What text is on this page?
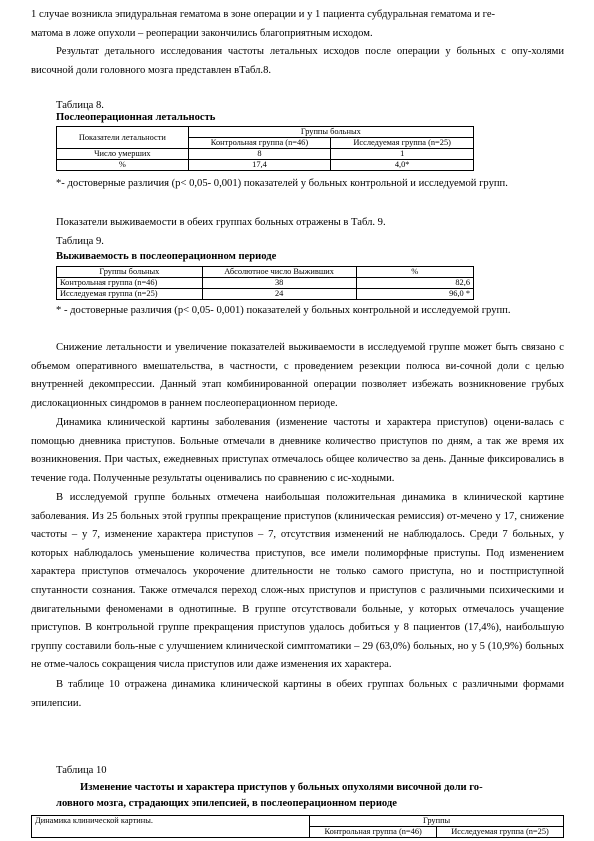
1 случае возникла эпидуральная гематома в зоне операции и у 1 пациента субдуральная гематома и ге-
матома в ложе опухоли – реоперации закончились благоприятным исходом.

Результат детального исследования частоты летальных исходов после операции у больных с опу-холями височной доли головного мозга представлен вТабл.8.

Таблица 8.
Послеоперационная летальность
Показатели летальности	Группы больных	
	Контрольная группа (n=46)	Исследуемая группа (n=25)
Число умерших	8	1
%	17,4	4,0*

*- достоверные различия (p< 0,05- 0,001) показателей у больных контрольной и исследуемой групп.

Показатели выживаемости в обеих группах больных отражены в Табл. 9.

Таблица 9.
Выживаемость в послеоперационном периоде
Группы больных	Абсолютное число Выживших	%
Контрольная группа (n=46)	38	82,6
Исследуемая группа (n=25)	24	96,0 *

* - достоверные различия (p< 0,05- 0,001) показателей у больных контрольной и исследуемой групп.

Снижение летальности и увеличение показателей выживаемости в исследуемой группе может быть связано с объемом оперативного вмешательства, в частности, с проведением резекции полюса ви-сочной доли с целью внутренней декомпрессии. Данный этап комбинированной операции позволяет избежать возникновение грубых дислокационных синдромов в раннем послеоперационном периоде.

Динамика клинической картины заболевания (изменение частоты и характера приступов) оцени-валась с помощью дневника приступов. Больные отмечали в дневнике количество приступов по дням, а так же время их возникновения. При частых, ежедневных приступах отмечалось общее количество за день. Данные фиксировались в течение года. Полученные результаты оценивались по сравнению с ис-ходными.

В исследуемой группе больных отмечена наибольшая положительная динамика в клинической картине заболевания. Из 25 больных этой группы прекращение приступов (клиническая ремиссия) от-мечено у 17, снижение частоты – у 7, изменение характера приступов – 7, отсутствия изменений не наблюдалось. Среди 7 больных, у которых наблюдалось уменьшение количества приступов, все имели полиморфные приступы. Под изменением характера приступов отмечалось укорочение длительности не только самого приступа, но и постприступной спутанности сознания. Также отмечался переход слож-ных приступов и приступов с различными психическими и двигательными феноменами в однотипные. В группе отсутствовали больные, у которых отмечалось учащение приступов. В контрольной группе прекращения приступов удалось добиться у 8 пациентов (17,4%), наибольшую группу составили боль-ные с улучшением клинической симптоматики – 29 (63,0%) больных, но у 5 (10,9%) больных не отме-чалось сокращения числа приступов или даже изменения их характера.

В таблице 10 отражена динамика клинической картины в обеих группах больных с различными формами эпилепсии.

Таблица 10
Изменение частоты и характера приступов у больных опухолями височной доли го-
ловного мозга, страдающих эпилепсией, в послеоперационном периоде
Динамика клинической картины.	Группы	
	Контрольная группа (n=46)	Исследуемая группа (n=25)
